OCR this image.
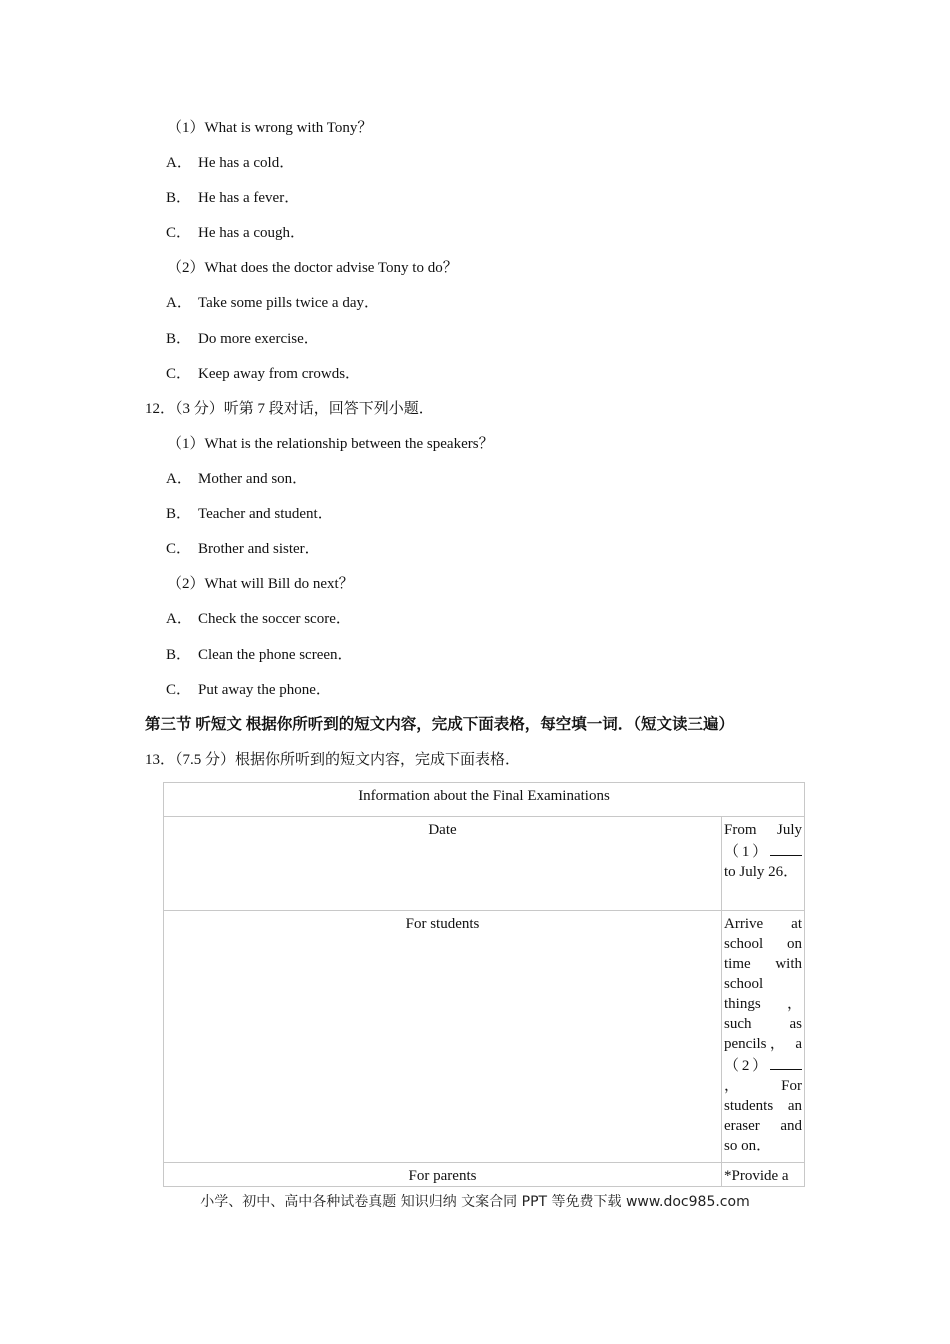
（1）What is wrong with Tony？
A． He has a cold．
B． He has a fever．
C． He has a cough．
（2）What does the doctor advise Tony to do？
A． Take some pills twice a day．
B． Do more exercise．
C． Keep away from crowds．
12．（3 分）听第 7 段对话，回答下列小题．
（1）What is the relationship between the speakers？
A． Mother and son．
B． Teacher and student．
C． Brother and sister．
（2）What will Bill do next？
A． Check the soccer score．
B． Clean the phone screen．
C． Put away the phone．
第三节 听短文 根据你所听到的短文内容，完成下面表格，每空填一词．（短文读三遍）
13．（7.5 分）根据你所听到的短文内容，完成下面表格．
Information about the Final Examinations	
Date	From July （1） to July 26．
For students	Arrive at school on time with school things ， such as pencils， a （2） ， For students an eraser and so on．
For parents	*Provide a
小学、初中、高中各种试卷真题 知识归纳 文案合同 PPT 等免费下载 www.doc985.com
